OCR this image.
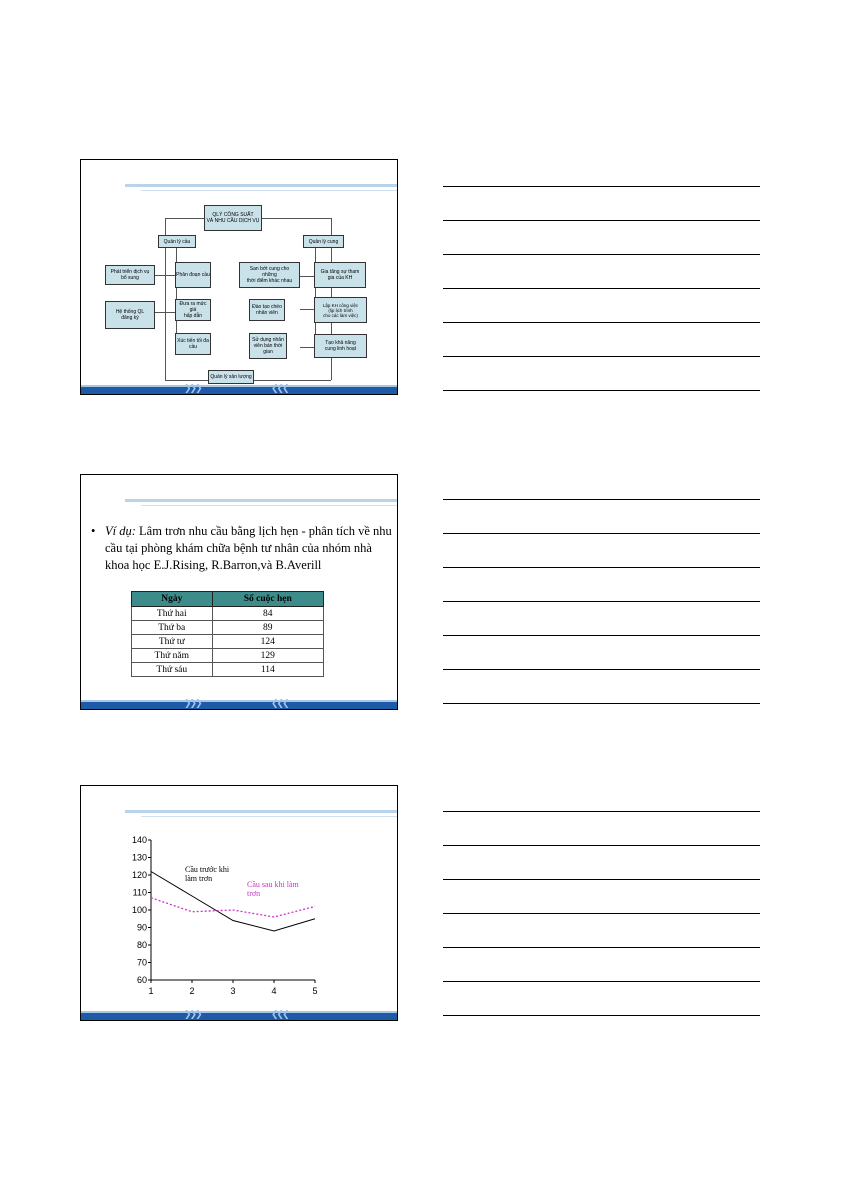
QLÝ CÔNG SUẤT
VÀ NHU CẦU DỊCH VỤ
Quản lý cầu	Quản lý cung
Phát triển dịch vụ
bổ sung	Phân đoạn cầu
San bớt cung cho
những
thời điểm khác nhau
Gia tăng sự tham
gia của KH
Hệ thống QL
đăng ký
Đưa ra mức giá
hấp dẫn
Đào tạo chéo
nhân viên
Lập KH công việc
(lịp lịch trình
cho các làm việc)
Xúc tiến tối đa
cầu
Sử dụng nhân
viên bán thời gian
Tạo khả năng
cung linh hoạt
Quản lý sản lượng
❯❯❯	❮❮❮
• Ví dụ: Lâm trơn nhu cầu bằng lịch hẹn - phân tích về nhu cầu tại phòng khám chữa bệnh tư nhân của nhóm nhà khoa học E.J.Rising, R.Barron,và B.Averill
Ngày	Số cuộc hẹn
Thứ hai	84
Thứ ba	89
Thứ tư	124
Thứ năm	129
Thứ sáu	114
❯❯❯	❮❮❮
60
70
80
90
100
110
120
130
140
1	2	3	4	5
Cầu trước khi
làm trơn
Cầu sau khi làm
trơn
❯❯❯	❮❮❮
